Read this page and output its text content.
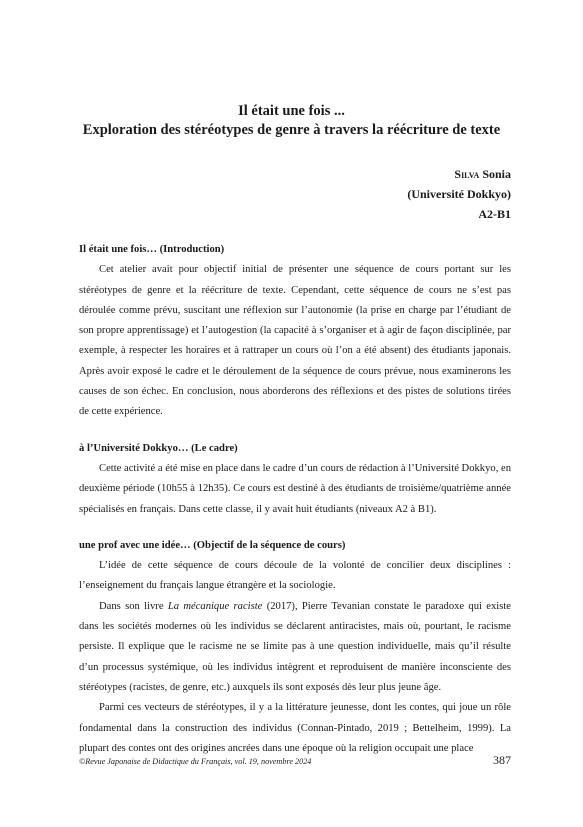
Il était une fois ...
Exploration des stéréotypes de genre à travers la réécriture de texte
Silva Sonia
(Université Dokkyo)
A2-B1
Il était une fois… (Introduction)

Cet atelier avait pour objectif initial de présenter une séquence de cours portant sur les stéréotypes de genre et la réécriture de texte. Cependant, cette séquence de cours ne s’est pas déroulée comme prévu, suscitant une réflexion sur l’autonomie (la prise en charge par l’étudiant de son propre apprentissage) et l’autogestion (la capacité à s’organiser et à agir de façon disciplinée, par exemple, à respecter les horaires et à rattraper un cours où l’on a été absent) des étudiants japonais. Après avoir exposé le cadre et le déroulement de la séquence de cours prévue, nous examinerons les causes de son échec. En conclusion, nous aborderons des réflexions et des pistes de solutions tirées de cette expérience.

à l’Université Dokkyo… (Le cadre)

Cette activité a été mise en place dans le cadre d’un cours de rédaction à l’Université Dokkyo, en deuxième période (10h55 à 12h35). Ce cours est destiné à des étudiants de troisième/quatrième année spécialisés en français. Dans cette classe, il y avait huit étudiants (niveaux A2 à B1).

une prof avec une idée… (Objectif de la séquence de cours)

L’idée de cette séquence de cours découle de la volonté de concilier deux disciplines : l’enseignement du français langue étrangère et la sociologie.

Dans son livre La mécanique raciste (2017), Pierre Tevanian constate le paradoxe qui existe dans les sociétés modernes où les individus se déclarent antiracistes, mais où, pourtant, le racisme persiste. Il explique que le racisme ne se limite pas à une question individuelle, mais qu’il résulte d’un processus systémique, où les individus intègrent et reproduisent de manière inconsciente des stéréotypes (racistes, de genre, etc.) auxquels ils sont exposés dès leur plus jeune âge.

Parmi ces vecteurs de stéréotypes, il y a la littérature jeunesse, dont les contes, qui joue un rôle fondamental dans la construction des individus (Connan-Pintado, 2019 ; Bettelheim, 1999). La plupart des contes ont des origines ancrées dans une époque où la religion occupait une place

©Revue Japonaise de Didactique du Français, vol. 19, novembre 2024	387
